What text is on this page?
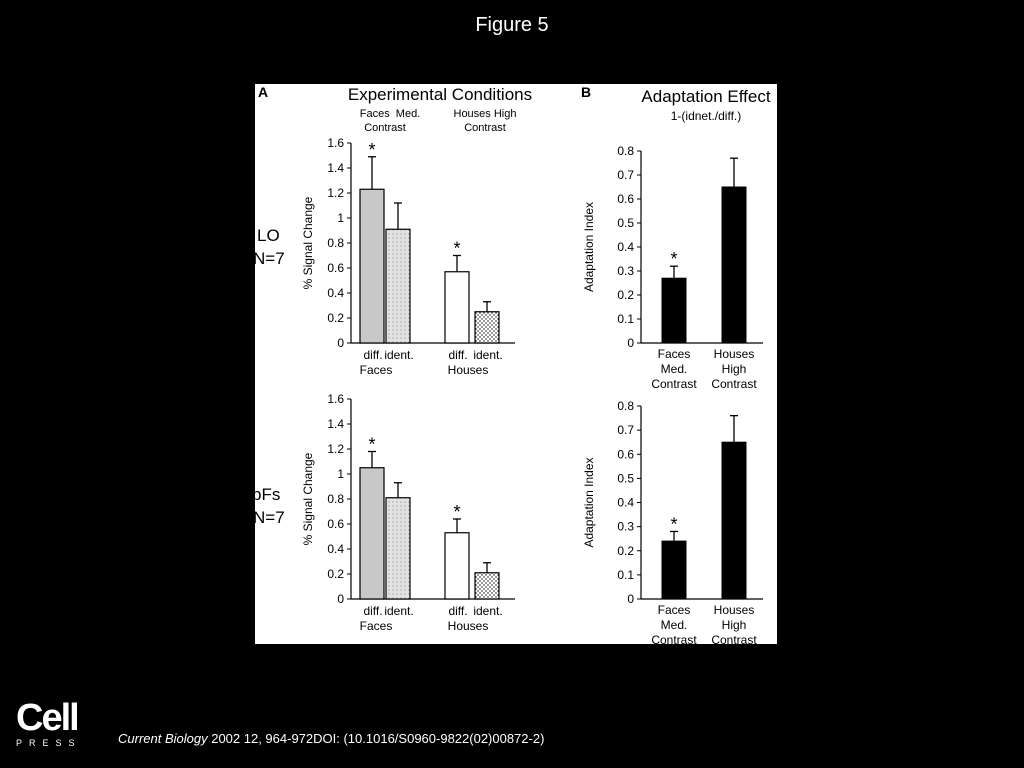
Figure 5
A	B
Experimental Conditions	Adaptation Effect
1-(idnet./diff.)
Faces  Med.
Contrast
Houses High
Contrast
LO
N=7
pFs
N=7
0
0.2
0.4
0.6
0.8
1
1.2
1.4
1.6
% Signal Change
*
diff. ident.
*
diff. ident.
Faces	Houses
0
0.1
0.2
0.3
0.4
0.5
0.6
0.7
0.8
Adaptation Index	*
Faces
Med.
Contrast
Houses
High
Contrast
0
0.2
0.4
0.6
0.8
1
1.2
1.4
1.6
% Signal Change
*
diff. ident.
*
diff. ident.
Faces	Houses
0
0.1
0.2
0.3
0.4
0.5
0.6
0.7
0.8
Adaptation Index	*
Faces
Med.
Contrast
Houses
High
Contrast
Cell
PRESS	Current Biology 2002 12, 964-972DOI: (10.1016/S0960-9822(02)00872-2)
